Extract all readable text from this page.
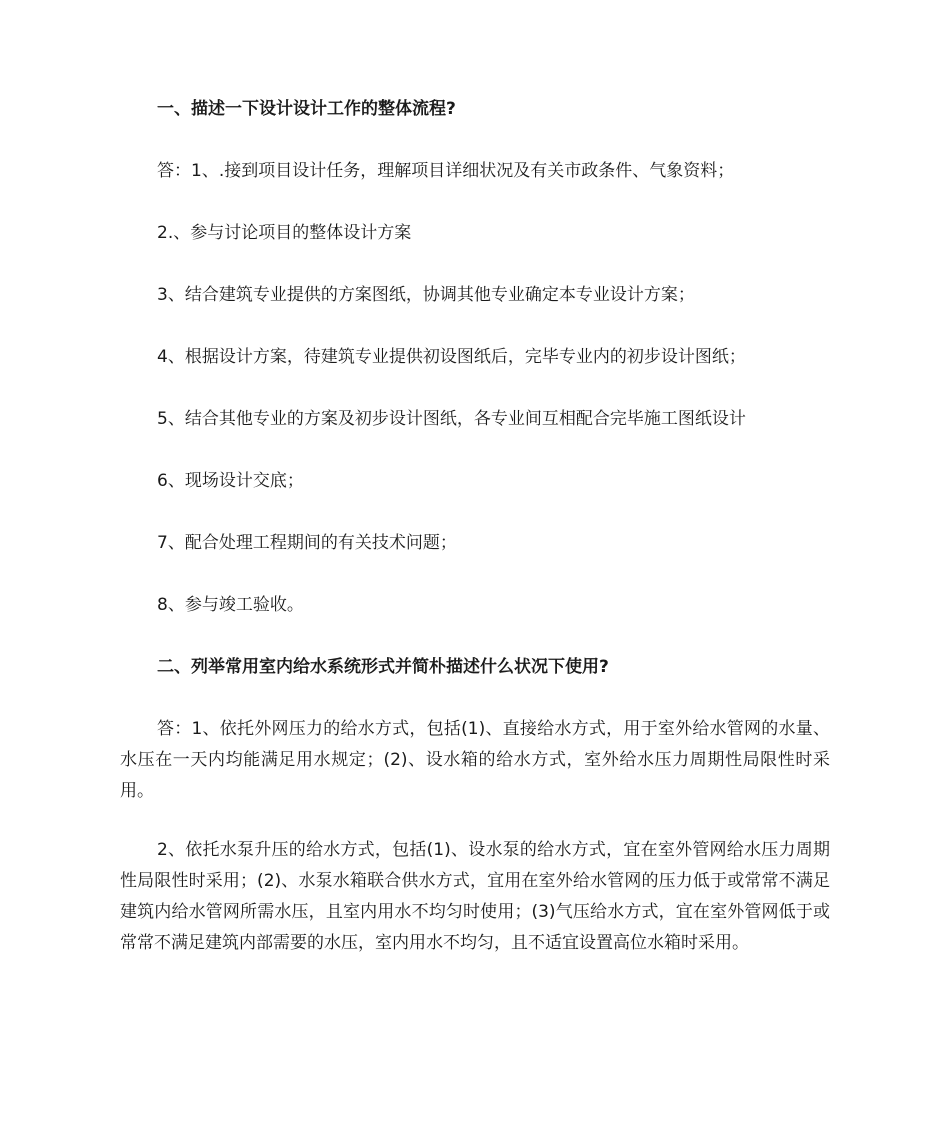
一、描述一下设计设计工作的整体流程?
答：1、.接到项目设计任务，理解项目详细状况及有关市政条件、气象资料；
2.、参与讨论项目的整体设计方案
3、结合建筑专业提供的方案图纸，协调其他专业确定本专业设计方案；
4、根据设计方案，待建筑专业提供初设图纸后，完毕专业内的初步设计图纸；
5、结合其他专业的方案及初步设计图纸，各专业间互相配合完毕施工图纸设计
6、现场设计交底；
7、配合处理工程期间的有关技术问题；
8、参与竣工验收。
二、列举常用室内给水系统形式并简朴描述什么状况下使用?
答：1、依托外网压力的给水方式，包括(1)、直接给水方式，用于室外给水管网的水量、水压在一天内均能满足用水规定；(2)、设水箱的给水方式，室外给水压力周期性局限性时采用。
2、依托水泵升压的给水方式，包括(1)、设水泵的给水方式，宜在室外管网给水压力周期性局限性时采用；(2)、水泵水箱联合供水方式，宜用在室外给水管网的压力低于或常常不满足建筑内给水管网所需水压，且室内用水不均匀时使用；(3)气压给水方式，宜在室外管网低于或常常不满足建筑内部需要的水压，室内用水不均匀，且不适宜设置高位水箱时采用。
